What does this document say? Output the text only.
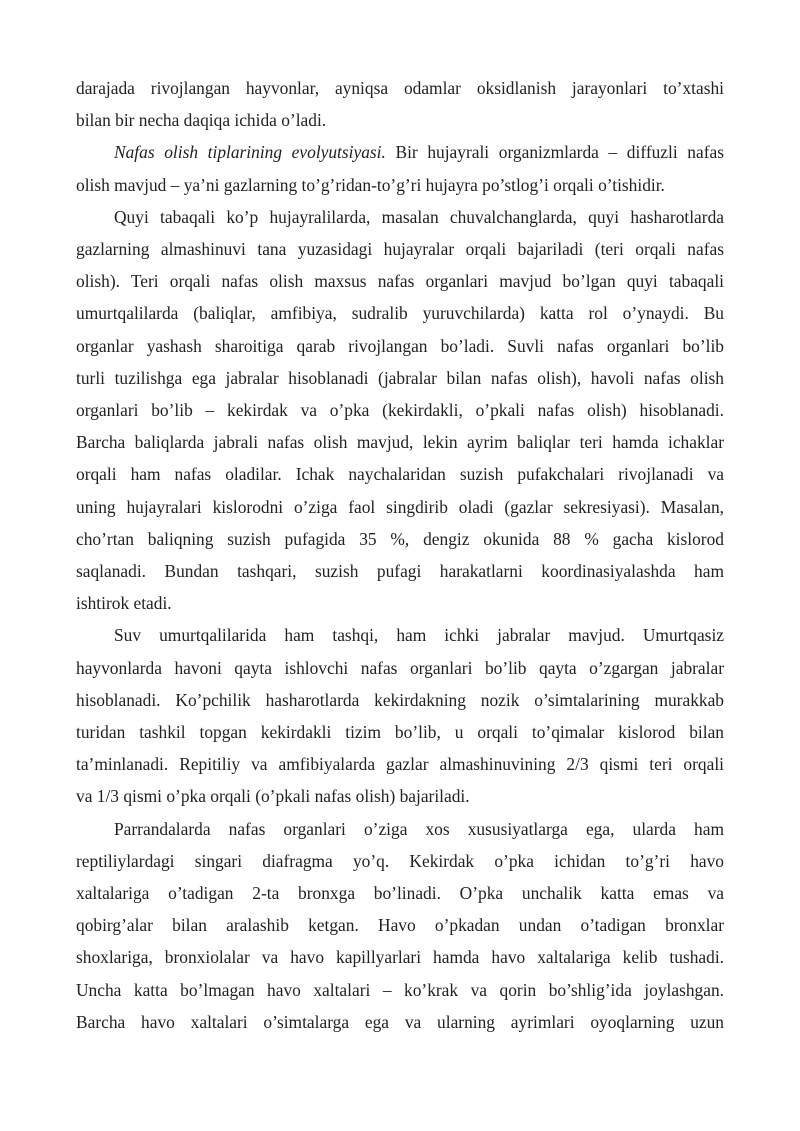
darajada rivojlangan hayvonlar, ayniqsa odamlar oksidlanish jarayonlari to’xtashi
bilan bir necha daqiqa ichida o’ladi.
Nafas olish tiplarining evolyutsiyasi. Bir hujayrali organizmlarda – diffuzli nafas
olish mavjud – ya’ni gazlarning to’g’ridan-to’g’ri hujayra po’stlog’i orqali o’tishidir.
Quyi tabaqali ko’p hujayralilarda, masalan chuvalchanglarda, quyi hasharotlarda
gazlarning almashinuvi tana yuzasidagi hujayralar orqali bajariladi (teri orqali nafas
olish). Teri orqali nafas olish maxsus nafas organlari mavjud bo’lgan quyi tabaqali
umurtqalilarda (baliqlar, amfibiya, sudralib yuruvchilarda) katta rol o’ynaydi. Bu
organlar yashash sharoitiga qarab rivojlangan bo’ladi. Suvli nafas organlari bo’lib
turli tuzilishga ega jabralar hisoblanadi (jabralar bilan nafas olish), havoli nafas olish
organlari bo’lib – kekirdak va o’pka (kekirdakli, o’pkali nafas olish) hisoblanadi.
Barcha baliqlarda jabrali nafas olish mavjud, lekin ayrim baliqlar teri hamda ichaklar
orqali ham nafas oladilar. Ichak naychalaridan suzish pufakchalari rivojlanadi va
uning hujayralari kislorodni o’ziga faol singdirib oladi (gazlar sekresiyasi). Masalan,
cho’rtan baliqning suzish pufagida 35 %, dengiz okunida 88 % gacha kislorod
saqlanadi. Bundan tashqari, suzish pufagi harakatlarni koordinasiyalashda ham
ishtirok etadi.
Suv umurtqalilarida ham tashqi, ham ichki jabralar mavjud. Umurtqasiz
hayvonlarda havoni qayta ishlovchi nafas organlari bo’lib qayta o’zgargan jabralar
hisoblanadi. Ko’pchilik hasharotlarda kekirdakning nozik o’simtalarining murakkab
turidan tashkil topgan kekirdakli tizim bo’lib, u orqali to’qimalar kislorod bilan
ta’minlanadi. Repitiliy va amfibiyalarda gazlar almashinuvining 2/3 qismi teri orqali
va 1/3 qismi o’pka orqali (o’pkali nafas olish) bajariladi.
Parrandalarda nafas organlari o’ziga xos xususiyatlarga ega, ularda ham
reptiliylardagi singari diafragma yo’q. Kekirdak o’pka ichidan to’g’ri havo
xaltalariga o’tadigan 2-ta bronxga bo’linadi. O’pka unchalik katta emas va
qobirg’alar bilan aralashib ketgan. Havo o’pkadan undan o’tadigan bronxlar
shoxlariga, bronxiolalar va havo kapillyarlari hamda havo xaltalariga kelib tushadi.
Uncha katta bo’lmagan havo xaltalari – ko’krak va qorin bo’shlig’ida joylashgan.
Barcha havo xaltalari o’simtalarga ega va ularning ayrimlari oyoqlarning uzun
